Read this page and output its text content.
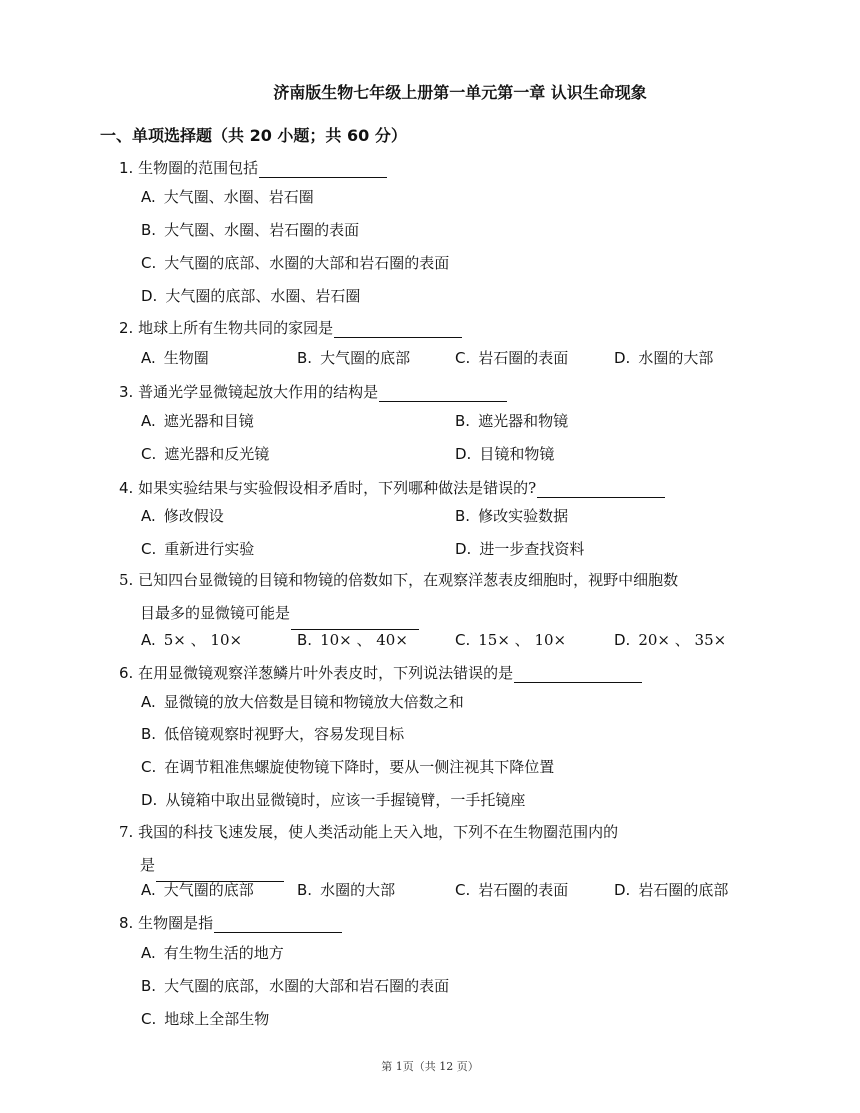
济南版生物七年级上册第一单元第一章 认识生命现象
一、单项选择题（共 20 小题；共 60 分）
1. 生物圈的范围包括
A. 大气圈、水圈、岩石圈
B. 大气圈、水圈、岩石圈的表面
C. 大气圈的底部、水圈的大部和岩石圈的表面
D. 大气圈的底部、水圈、岩石圈
2. 地球上所有生物共同的家园是
A. 生物圈	B. 大气圈的底部	C. 岩石圈的表面	D. 水圈的大部
3. 普通光学显微镜起放大作用的结构是
A. 遮光器和目镜	B. 遮光器和物镜
C. 遮光器和反光镜	D. 目镜和物镜
4. 如果实验结果与实验假设相矛盾时，下列哪种做法是错误的?
A. 修改假设	B. 修改实验数据
C. 重新进行实验	D. 进一步查找资料
5. 已知四台显微镜的目镜和物镜的倍数如下，在观察洋葱表皮细胞时，视野中细胞数
目最多的显微镜可能是
A. 5× 、 10×	B. 10× 、 40×	C. 15× 、 10×	D. 20× 、 35×
6. 在用显微镜观察洋葱鳞片叶外表皮时，下列说法错误的是
A. 显微镜的放大倍数是目镜和物镜放大倍数之和
B. 低倍镜观察时视野大，容易发现目标
C. 在调节粗准焦螺旋使物镜下降时，要从一侧注视其下降位置
D. 从镜箱中取出显微镜时，应该一手握镜臂，一手托镜座
7. 我国的科技飞速发展，使人类活动能上天入地，下列不在生物圈范围内的
是
A. 大气圈的底部	B. 水圈的大部	C. 岩石圈的表面	D. 岩石圈的底部
8. 生物圈是指
A. 有生物生活的地方
B. 大气圈的底部，水圈的大部和岩石圈的表面
C. 地球上全部生物
第 1页（共 12 页）
